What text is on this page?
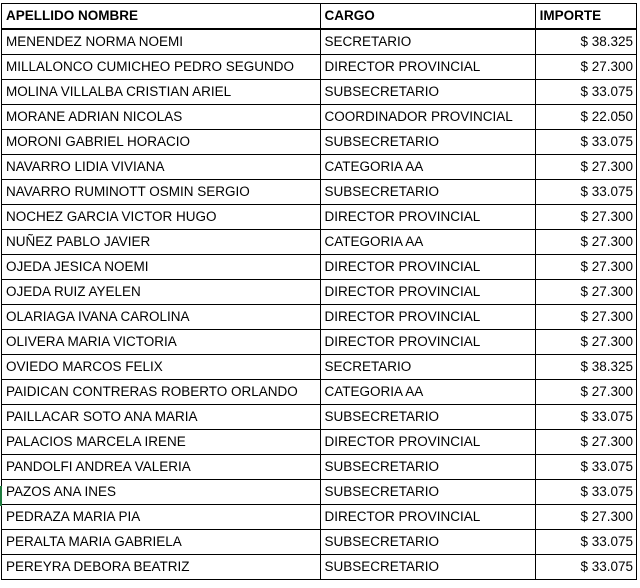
APELLIDO NOMBRE	CARGO	IMPORTE
MENENDEZ NORMA NOEMI	SECRETARIO	$ 38.325
MILLALONCO CUMICHEO PEDRO SEGUNDO	DIRECTOR PROVINCIAL	$ 27.300
MOLINA VILLALBA CRISTIAN ARIEL	SUBSECRETARIO	$ 33.075
MORANE ADRIAN NICOLAS	COORDINADOR PROVINCIAL	$ 22.050
MORONI GABRIEL HORACIO	SUBSECRETARIO	$ 33.075
NAVARRO LIDIA VIVIANA	CATEGORIA AA	$ 27.300
NAVARRO RUMINOTT OSMIN SERGIO	SUBSECRETARIO	$ 33.075
NOCHEZ GARCIA VICTOR HUGO	DIRECTOR PROVINCIAL	$ 27.300
NUÑEZ PABLO JAVIER	CATEGORIA AA	$ 27.300
OJEDA JESICA NOEMI	DIRECTOR PROVINCIAL	$ 27.300
OJEDA RUIZ AYELEN	DIRECTOR PROVINCIAL	$ 27.300
OLARIAGA IVANA CAROLINA	DIRECTOR PROVINCIAL	$ 27.300
OLIVERA MARIA VICTORIA	DIRECTOR PROVINCIAL	$ 27.300
OVIEDO MARCOS FELIX	SECRETARIO	$ 38.325
PAIDICAN CONTRERAS ROBERTO ORLANDO	CATEGORIA AA	$ 27.300
PAILLACAR SOTO ANA MARIA	SUBSECRETARIO	$ 33.075
PALACIOS MARCELA IRENE	DIRECTOR PROVINCIAL	$ 27.300
PANDOLFI ANDREA VALERIA	SUBSECRETARIO	$ 33.075
PAZOS ANA INES	SUBSECRETARIO	$ 33.075
PEDRAZA MARIA PIA	DIRECTOR PROVINCIAL	$ 27.300
PERALTA MARIA GABRIELA	SUBSECRETARIO	$ 33.075
PEREYRA DEBORA BEATRIZ	SUBSECRETARIO	$ 33.075
